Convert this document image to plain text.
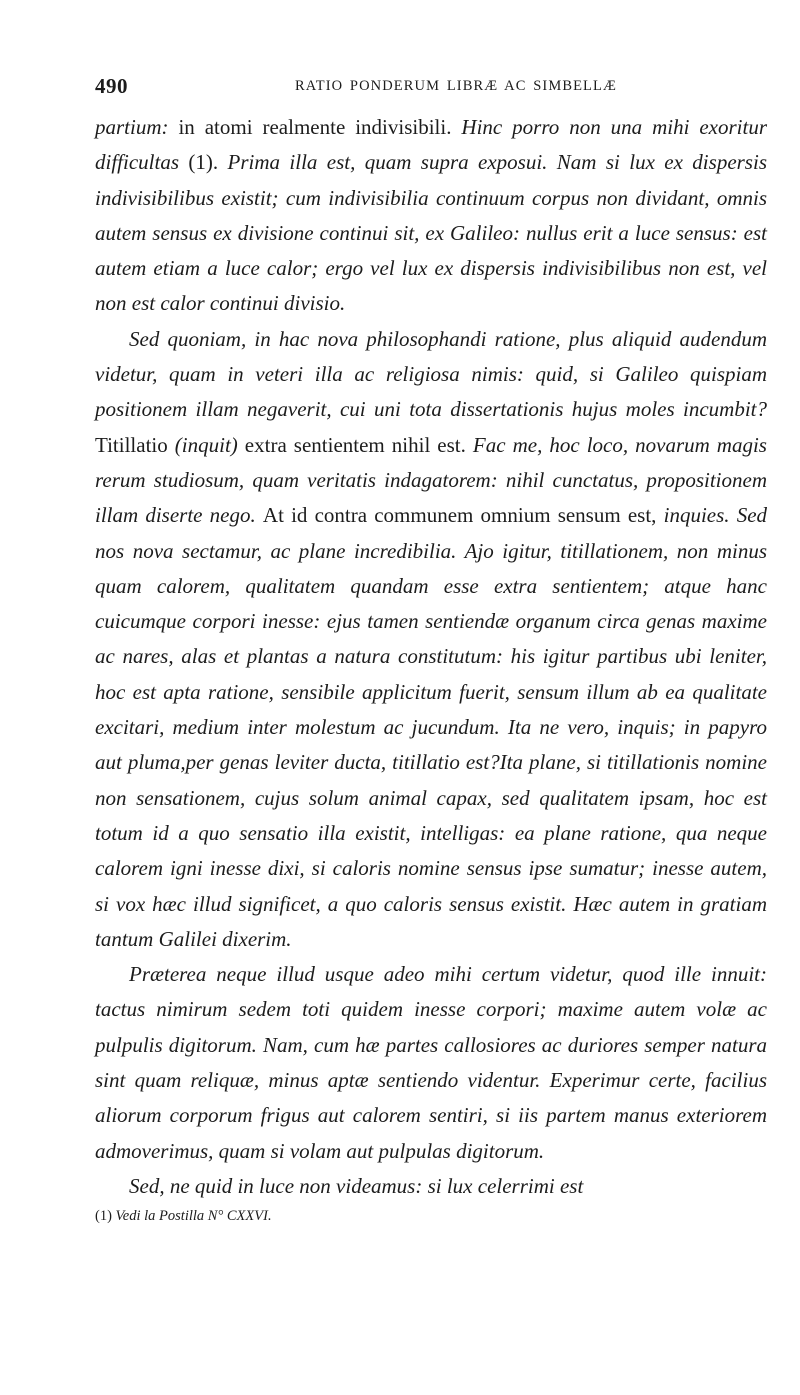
490	RATIO PONDERUM LIBRÆ AC SIMBELLÆ

partium: in atomi realmente indivisibili. Hinc porro non una mihi exoritur difficultas (1). Prima illa est, quam supra exposui. Nam si lux ex dispersis indivisibilibus existit; cum indivisibilia continuum corpus non dividant, omnis autem sensus ex divisione continui sit, ex Galileo: nullus erit a luce sensus: est autem etiam a luce calor; ergo vel lux ex dispersis indivisibilibus non est, vel non est calor continui divisio.

Sed quoniam, in hac nova philosophandi ratione, plus aliquid audendum videtur, quam in veteri illa ac religiosa nimis: quid, si Galileo quispiam positionem illam negaverit, cui uni tota dissertationis hujus moles incumbit? Titillatio (inquit) extra sentientem nihil est. Fac me, hoc loco, novarum magis rerum studiosum, quam veritatis indagatorem: nihil cunctatus, propositionem illam diserte nego. At id contra communem omnium sensum est, inquies. Sed nos nova sectamur, ac plane incredibilia. Ajo igitur, titillationem, non minus quam calorem, qualitatem quandam esse extra sentientem; atque hanc cuicumque corpori inesse: ejus tamen sentiendæ organum circa genas maxime ac nares, alas et plantas a natura constitutum: his igitur partibus ubi leniter, hoc est apta ratione, sensibile applicitum fuerit, sensum illum ab ea qualitate excitari, medium inter molestum ac jucundum. Ita ne vero, inquis; in papyro aut pluma,per genas leviter ducta, titillatio est?Ita plane, si titillationis nomine non sensationem, cujus solum animal capax, sed qualitatem ipsam, hoc est totum id a quo sensatio illa existit, intelligas: ea plane ratione, qua neque calorem igni inesse dixi, si caloris nomine sensus ipse sumatur; inesse autem, si vox hæc illud significet, a quo caloris sensus existit. Hæc autem in gratiam tantum Galilei dixerim.

Præterea neque illud usque adeo mihi certum videtur, quod ille innuit: tactus nimirum sedem toti quidem inesse corpori; maxime autem volæ ac pulpulis digitorum. Nam, cum hæ partes callosiores ac duriores semper natura sint quam reliquæ, minus aptæ sentiendo videntur. Experimur certe, facilius aliorum corporum frigus aut calorem sentiri, si iis partem manus exteriorem admoverimus, quam si volam aut pulpulas digitorum.

Sed, ne quid in luce non videamus: si lux celerrimi est

(1) Vedi la Postilla N° CXXVI.
